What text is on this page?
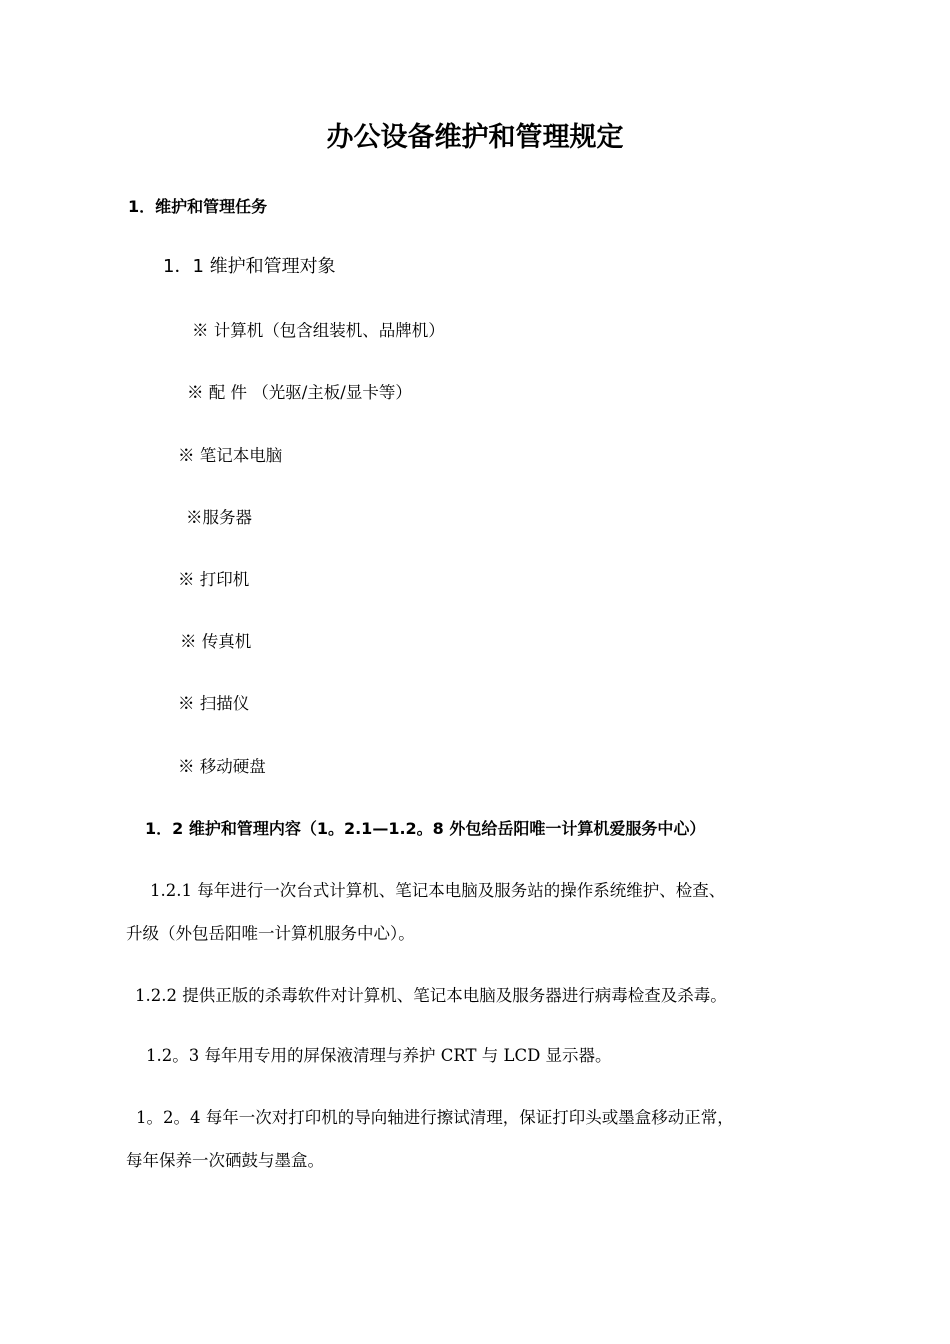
办公设备维护和管理规定
1．维护和管理任务
1．1 维护和管理对象
※ 计算机（包含组装机、品牌机）
※ 配 件 （光驱/主板/显卡等）
※ 笔记本电脑
※服务器
※ 打印机
※ 传真机
※ 扫描仪
※ 移动硬盘
1．2 维护和管理内容（1。2.1—1.2。8 外包给岳阳唯一计算机爱服务中心）
1.2.1 每年进行一次台式计算机、笔记本电脑及服务站的操作系统维护、检查、
升级（外包岳阳唯一计算机服务中心）。
1.2.2 提供正版的杀毒软件对计算机、笔记本电脑及服务器进行病毒检查及杀毒。
1.2。3 每年用专用的屏保液清理与养护 CRT 与 LCD 显示器。
1。2。4 每年一次对打印机的导向轴进行擦试清理，保证打印头或墨盒移动正常，
每年保养一次硒鼓与墨盒。
